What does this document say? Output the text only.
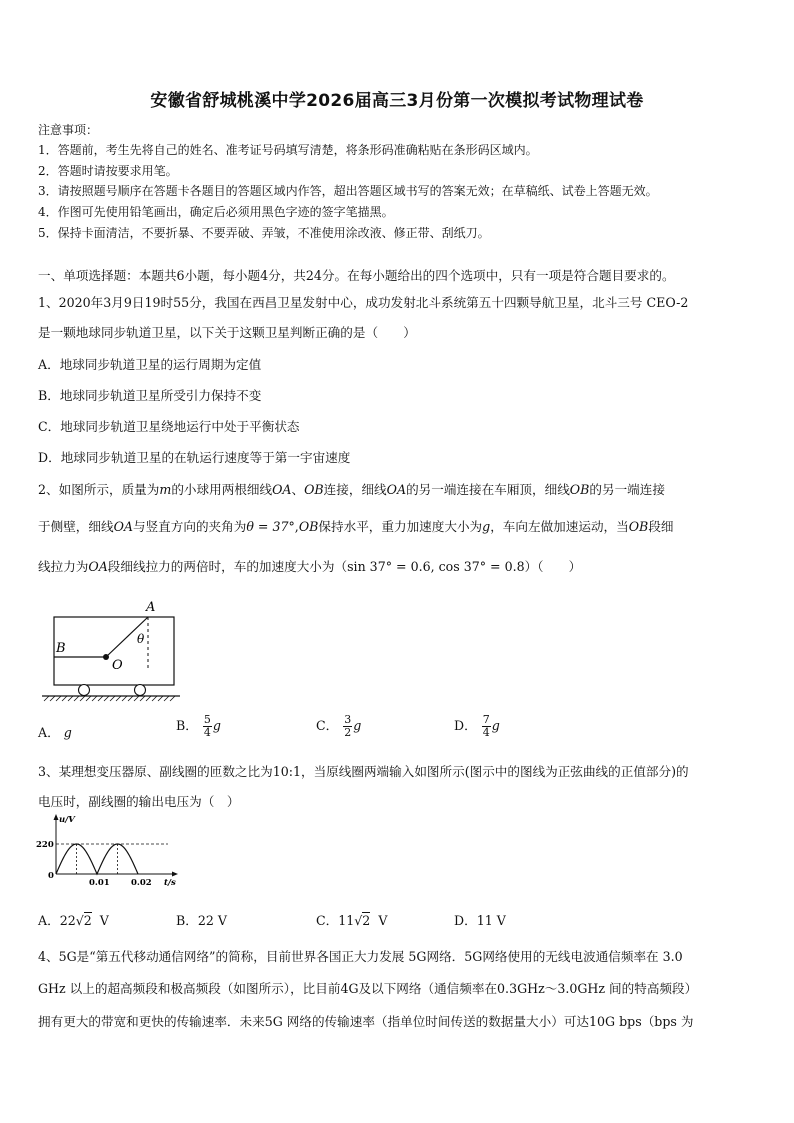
安徽省舒城桃溪中学2026届高三3月份第一次模拟考试物理试卷
注意事项：
1．答题前，考生先将自己的姓名、准考证号码填写清楚，将条形码准确粘贴在条形码区域内。
2．答题时请按要求用笔。
3．请按照题号顺序在答题卡各题目的答题区域内作答，超出答题区域书写的答案无效；在草稿纸、试卷上答题无效。
4．作图可先使用铅笔画出，确定后必须用黑色字迹的签字笔描黑。
5．保持卡面清洁，不要折暴、不要弄破、弄皱，不准使用涂改液、修正带、刮纸刀。
一、单项选择题：本题共6小题，每小题4分，共24分。在每小题给出的四个选项中，只有一项是符合题目要求的。
1、2020年3月9日19时55分，我国在西昌卫星发射中心，成功发射北斗系统第五十四颗导航卫星，北斗三号 CEO-2
是一颗地球同步轨道卫星，以下关于这颗卫星判断正确的是（　　）
A．地球同步轨道卫星的运行周期为定值
B．地球同步轨道卫星所受引力保持不变
C．地球同步轨道卫星绕地运行中处于平衡状态
D．地球同步轨道卫星的在轨运行速度等于第一宇宙速度
2、如图所示，质量为m的小球用两根细线OA、OB连接，细线OA的另一端连接在车厢顶，细线OB的另一端连接
于侧壁，细线OA与竖直方向的夹角为θ = 37°,OB保持水平，重力加速度大小为g，车向左做加速运动，当OB段细
线拉力为OA段细线拉力的两倍时，车的加速度大小为（sin 37° = 0.6, cos 37° = 0.8）（　　）
A
B
O
θ
A． g	B． $\frac{5}{4}$ g	C． $\frac{3}{2}$ g	D． $\frac{7}{4}$ g
3、某理想变压器原、副线圈的匝数之比为10:1，当原线圈两端输入如图所示(图示中的图线为正弦曲线的正值部分)的
电压时，副线圈的输出电压为（　）
u/V
t/s
220
0
0.01	0.02
A．22√2 V	B．22 V	C．11√2 V	D．11 V
4、5G是“第五代移动通信网络”的简称，目前世界各国正大力发展 5G网络．5G网络使用的无线电波通信频率在 3.0
GHz 以上的超高频段和极高频段（如图所示），比目前4G及以下网络（通信频率在0.3GHz～3.0GHz 间的特高频段）
拥有更大的带宽和更快的传输速率．未来5G 网络的传输速率（指单位时间传送的数据量大小）可达10G bps（bps 为
